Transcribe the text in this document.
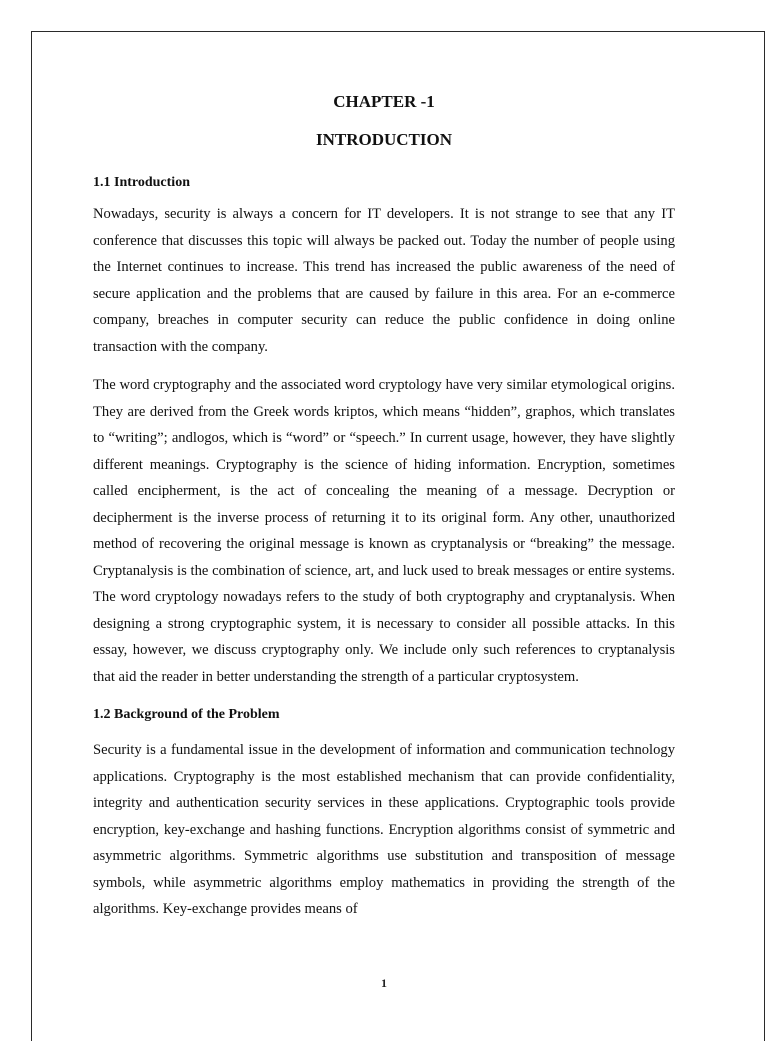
CHAPTER -1

INTRODUCTION

1.1 Introduction

Nowadays, security is always a concern for IT developers. It is not strange to see that any IT conference that discusses this topic will always be packed out. Today the number of people using the Internet continues to increase. This trend has increased the public awareness of the need of secure application and the problems that are caused by failure in this area. For an e-commerce company, breaches in computer security can reduce the public confidence in doing online transaction with the company.

The word cryptography and the associated word cryptology have very similar etymological origins. They are derived from the Greek words kriptos, which means “hidden”, graphos, which translates to “writing”; andlogos, which is “word” or “speech.” In current usage, however, they have slightly different meanings. Cryptography is the science of hiding information. Encryption, sometimes called encipherment, is the act of concealing the meaning of a message. Decryption or decipherment is the inverse process of returning it to its original form. Any other, unauthorized method of recovering the original message is known as cryptanalysis or “breaking” the message. Cryptanalysis is the combination of science, art, and luck used to break messages or entire systems. The word cryptology nowadays refers to the study of both cryptography and cryptanalysis. When designing a strong cryptographic system, it is necessary to consider all possible attacks. In this essay, however, we discuss cryptography only. We include only such references to cryptanalysis that aid the reader in better understanding the strength of a particular cryptosystem.

1.2 Background of the Problem

Security is a fundamental issue in the development of information and communication technology applications. Cryptography is the most established mechanism that can provide confidentiality, integrity and authentication security services in these applications. Cryptographic tools provide encryption, key-exchange and hashing functions. Encryption algorithms consist of symmetric and asymmetric algorithms. Symmetric algorithms use substitution and transposition of message symbols, while asymmetric algorithms employ mathematics in providing the strength of the algorithms. Key-exchange provides means of

1
